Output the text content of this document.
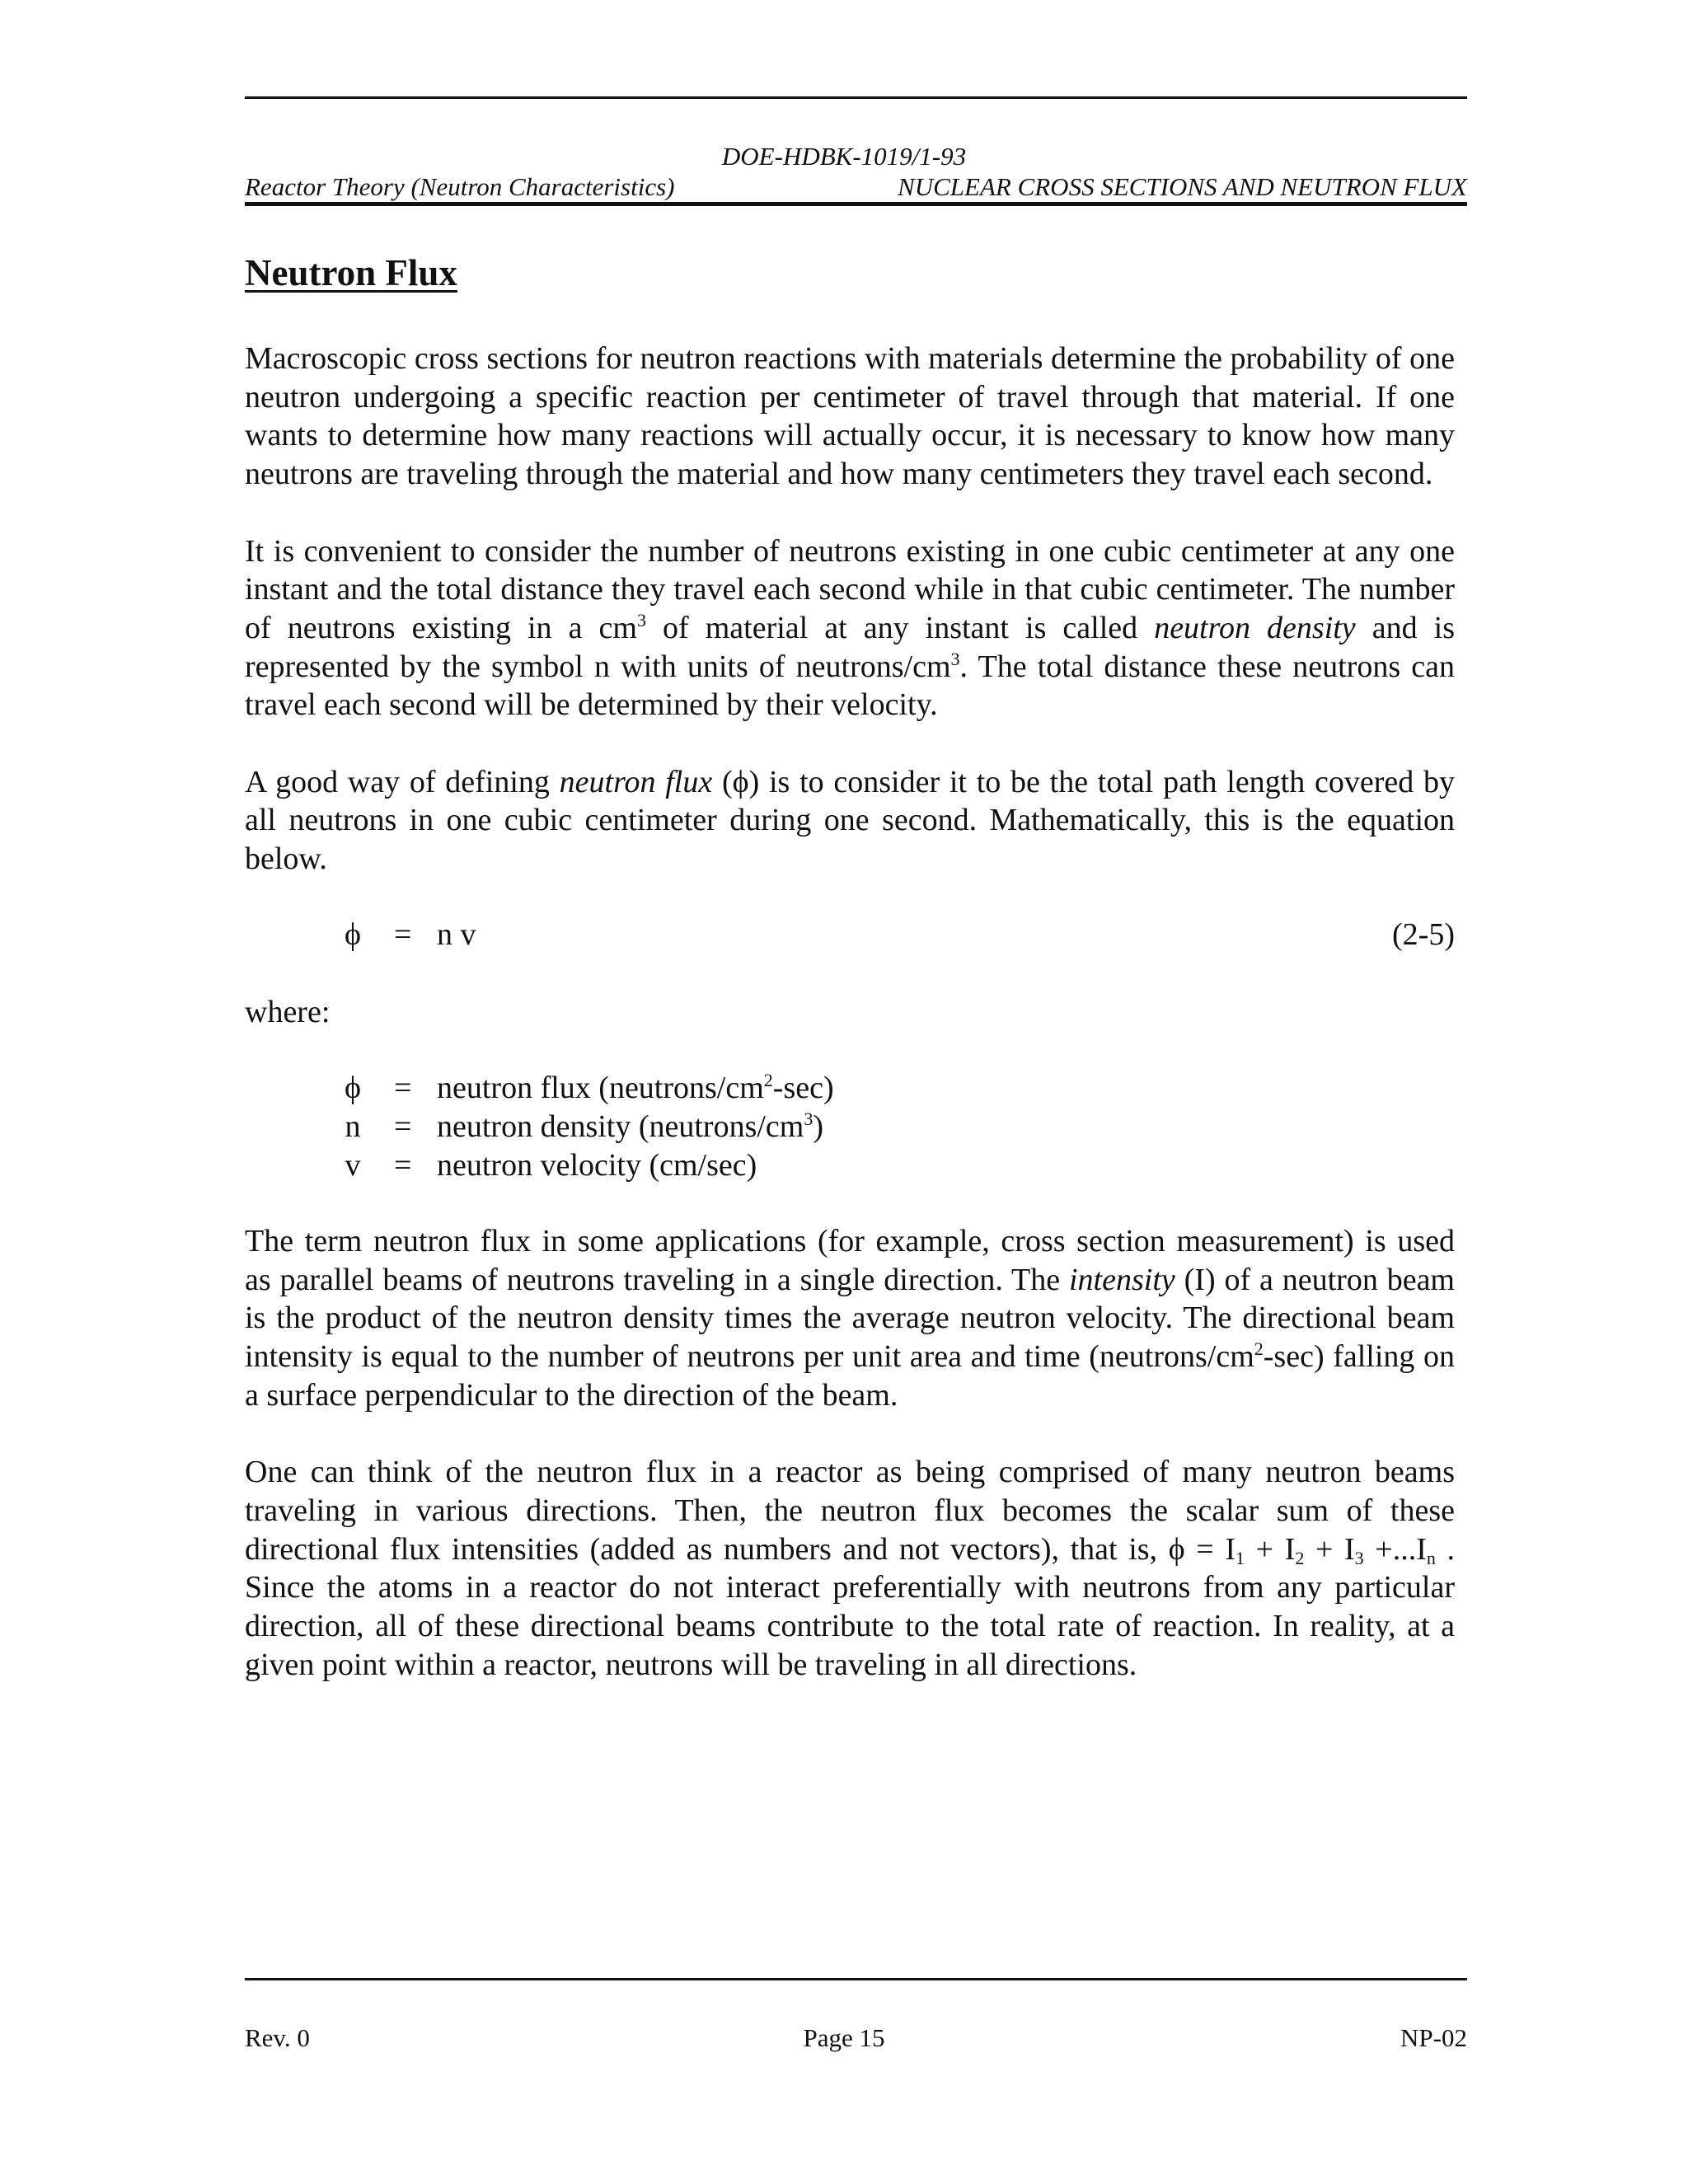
DOE-HDBK-1019/1-93
Reactor Theory (Neutron Characteristics)	NUCLEAR CROSS SECTIONS AND NEUTRON FLUX
Neutron Flux

Macroscopic cross sections for neutron reactions with materials determine the probability of one
neutron undergoing a specific reaction per centimeter of travel through that material. If one
wants to determine how many reactions will actually occur, it is necessary to know how many
neutrons are traveling through the material and how many centimeters they travel each second.

It is convenient to consider the number of neutrons existing in one cubic centimeter at any one
instant and the total distance they travel each second while in that cubic centimeter. The number
of neutrons existing in a $cm^3$ of material at any instant is called neutron density and is
represented by the symbol n with units of neutrons/$cm^3$. The total distance these neutrons can
travel each second will be determined by their velocity.

A good way of defining neutron flux (ϕ) is to consider it to be the total path length covered by
all neutrons in one cubic centimeter during one second. Mathematically, this is the equation
below.

ϕ = n v	(2-5)
where:
ϕ = neutron flux $(neutrons/cm^2-\sec)$
n = neutron density $(neutrons/cm^3)$
v = neutron velocity (cm/sec)

The term neutron flux in some applications (for example, cross section measurement) is used
as parallel beams of neutrons traveling in a single direction. The intensity (I) of a neutron beam
is the product of the neutron density times the average neutron velocity. The directional beam
intensity is equal to the number of neutrons per unit area and time $(neutrons/cm^2-\sec)$ falling on
a surface perpendicular to the direction of the beam.

One can think of the neutron flux in a reactor as being comprised of many neutron beams
traveling in various directions. Then, the neutron flux becomes the scalar sum of these
directional flux intensities (added as numbers and not vectors), that is, $\phi = I_1 + I_2 + I_3 +...I_n$ .
Since the atoms in a reactor do not interact preferentially with neutrons from any particular
direction, all of these directional beams contribute to the total rate of reaction. In reality, at a
given point within a reactor, neutrons will be traveling in all directions.

Rev. 0	Page 15	NP-02
